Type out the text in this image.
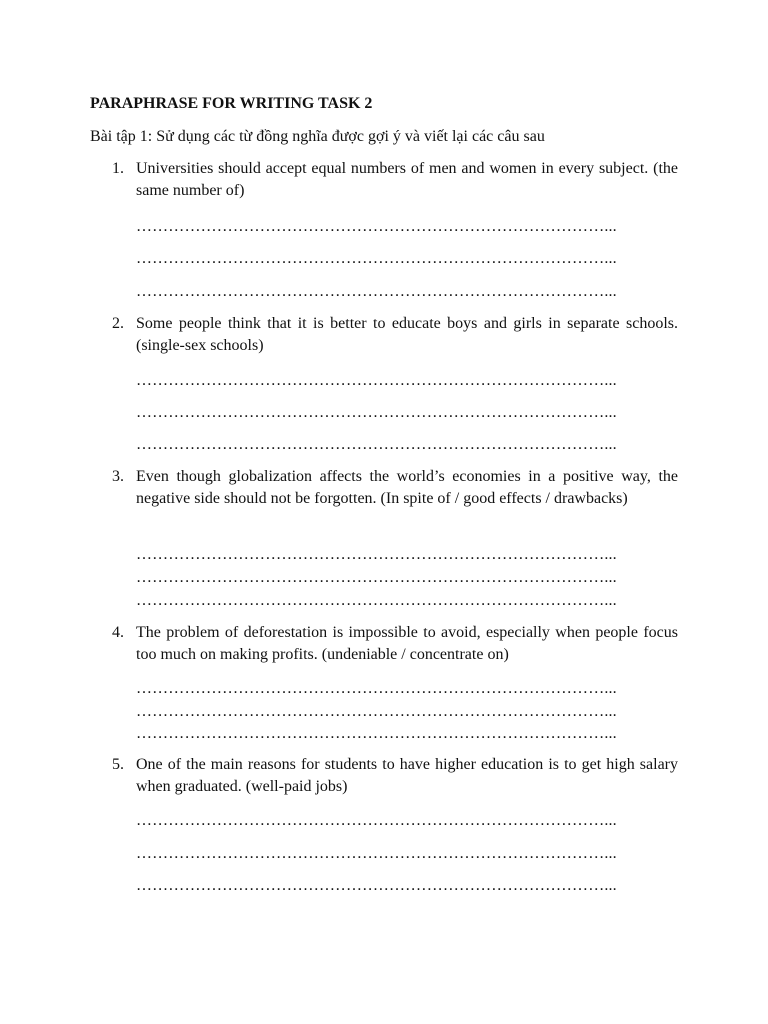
PARAPHRASE FOR WRITING TASK 2

Bài tập 1: Sử dụng các từ đồng nghĩa được gợi ý và viết lại các câu sau

1. Universities should accept equal numbers of men and women in every subject. (the same number of)
……………………………………………………………………………...
……………………………………………………………………………...
……………………………………………………………………………...
2. Some people think that it is better to educate boys and girls in separate schools. (single-sex schools)
……………………………………………………………………………...
……………………………………………………………………………...
……………………………………………………………………………...
3. Even though globalization affects the world’s economies in a positive way, the negative side should not be forgotten. (In spite of / good effects / drawbacks)
……………………………………………………………………………...
……………………………………………………………………………...
……………………………………………………………………………...
4. The problem of deforestation is impossible to avoid, especially when people focus too much on making profits. (undeniable / concentrate on)
……………………………………………………………………………...
……………………………………………………………………………...
……………………………………………………………………………...
5. One of the main reasons for students to have higher education is to get high salary when graduated. (well-paid jobs)
……………………………………………………………………………...
……………………………………………………………………………...
……………………………………………………………………………...
